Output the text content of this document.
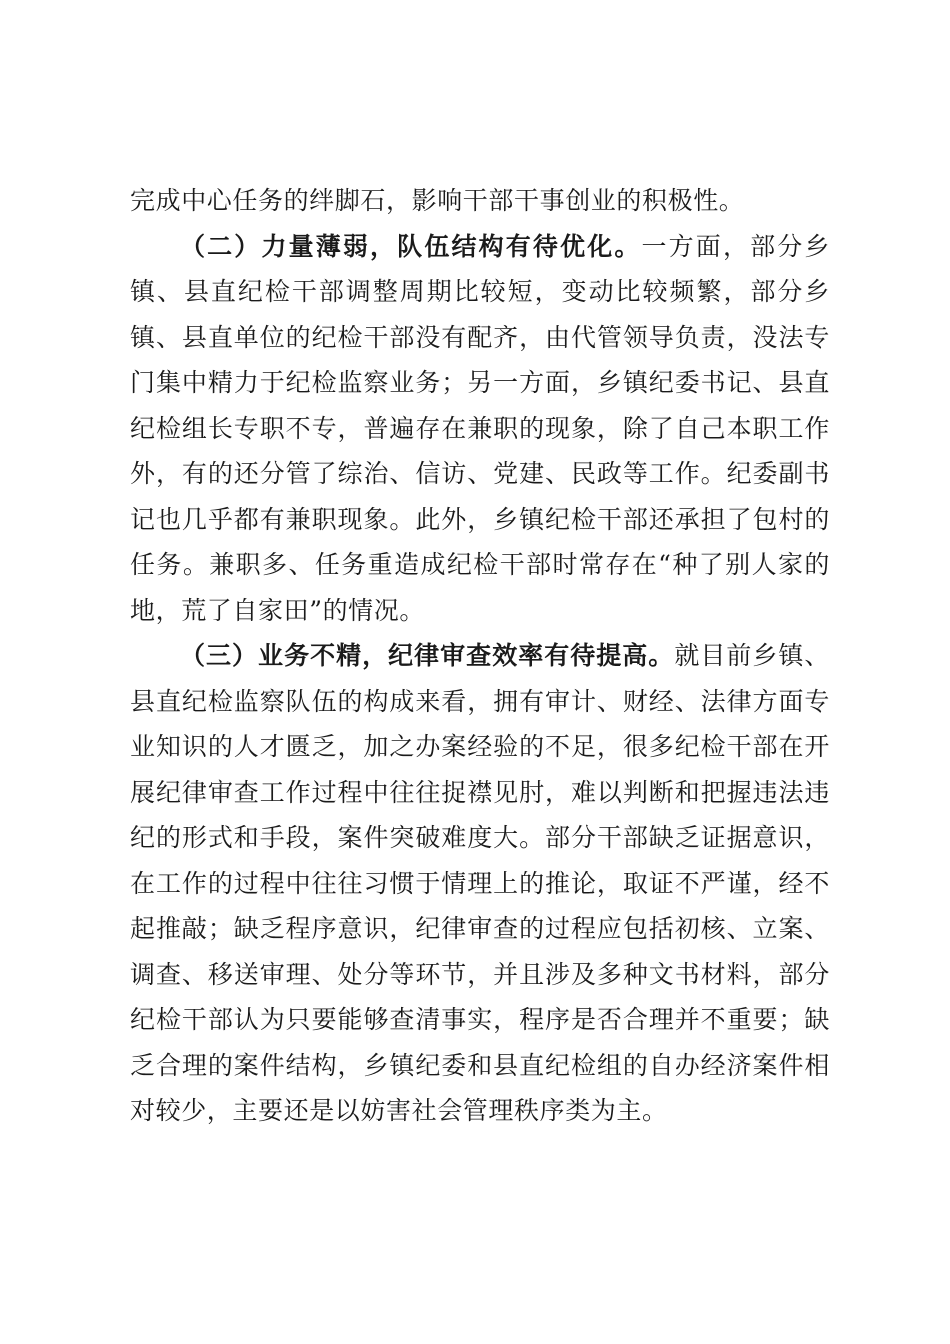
完成中心任务的绊脚石，影响干部干事创业的积极性。

（二）力量薄弱，队伍结构有待优化。一方面，部分乡镇、县直纪检干部调整周期比较短，变动比较频繁，部分乡镇、县直单位的纪检干部没有配齐，由代管领导负责，没法专门集中精力于纪检监察业务；另一方面，乡镇纪委书记、县直纪检组长专职不专，普遍存在兼职的现象，除了自己本职工作外，有的还分管了综治、信访、党建、民政等工作。纪委副书记也几乎都有兼职现象。此外，乡镇纪检干部还承担了包村的任务。兼职多、任务重造成纪检干部时常存在“种了别人家的地，荒了自家田”的情况。

（三）业务不精，纪律审查效率有待提高。就目前乡镇、县直纪检监察队伍的构成来看，拥有审计、财经、法律方面专业知识的人才匮乏，加之办案经验的不足，很多纪检干部在开展纪律审查工作过程中往往捉襟见肘，难以判断和把握违法违纪的形式和手段，案件突破难度大。部分干部缺乏证据意识，在工作的过程中往往习惯于情理上的推论，取证不严谨，经不起推敲；缺乏程序意识，纪律审查的过程应包括初核、立案、调查、移送审理、处分等环节，并且涉及多种文书材料，部分纪检干部认为只要能够查清事实，程序是否合理并不重要；缺乏合理的案件结构，乡镇纪委和县直纪检组的自办经济案件相对较少，主要还是以妨害社会管理秩序类为主。
